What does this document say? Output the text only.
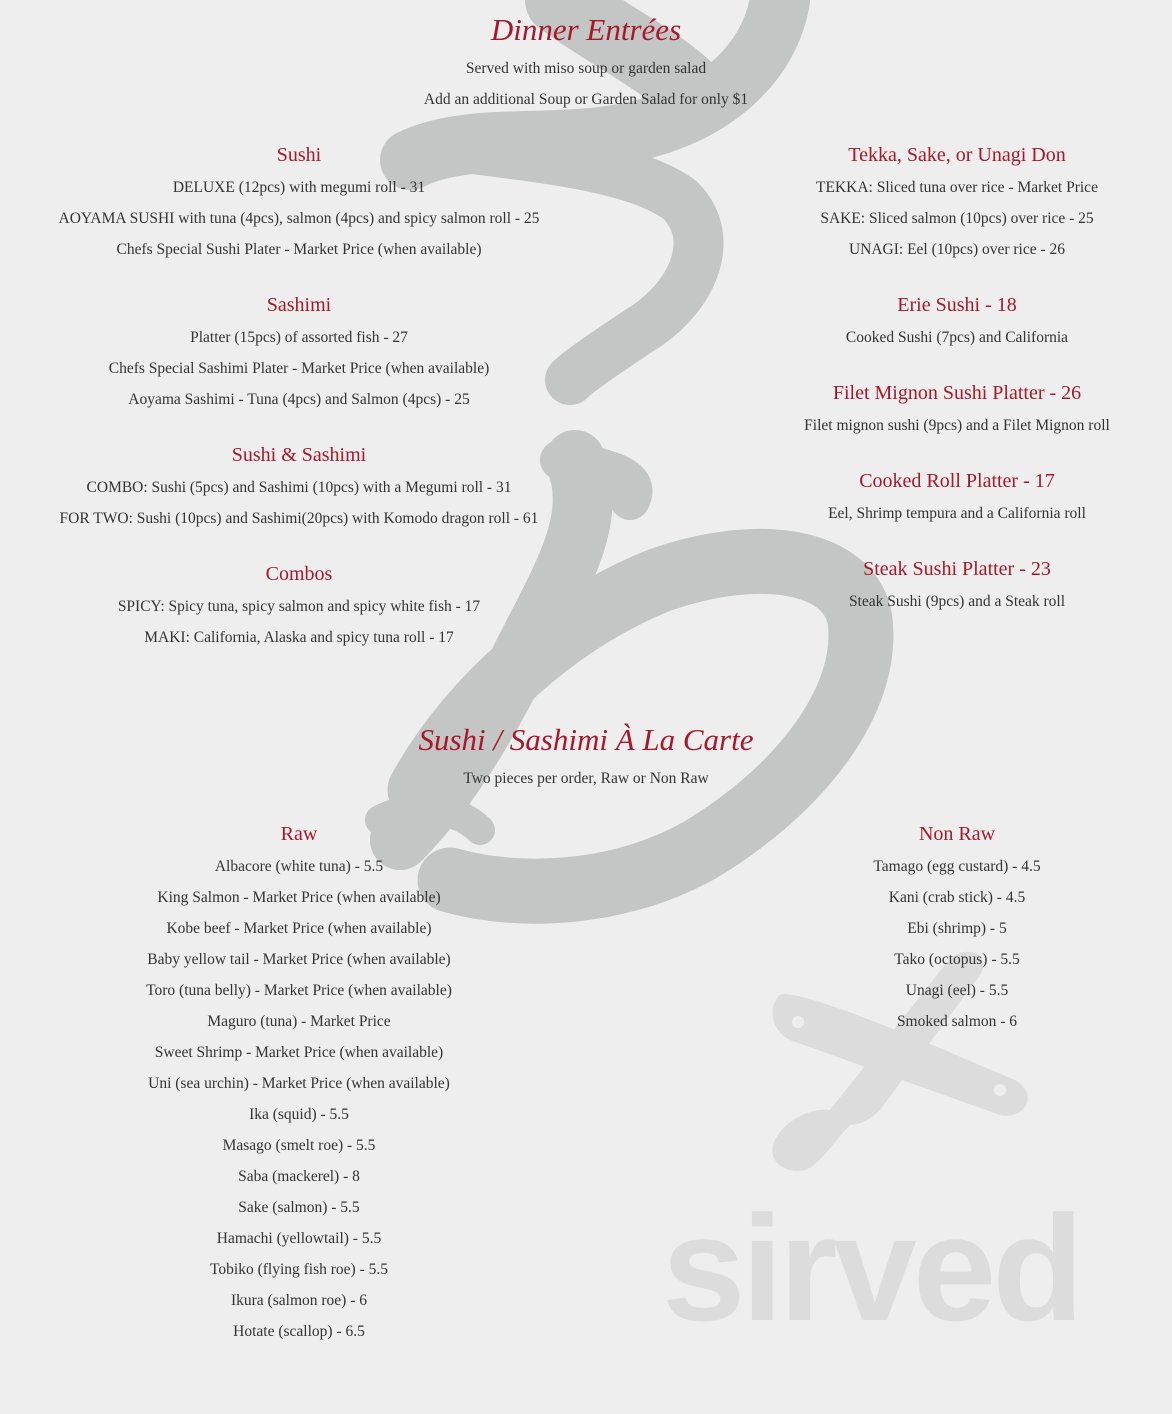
sirved
Dinner Entrées

Served with miso soup or garden salad

Add an additional Soup or Garden Salad for only $1

Sushi
DELUXE (12pcs) with megumi roll - 31
AOYAMA SUSHI with tuna (4pcs), salmon (4pcs) and spicy salmon roll - 25
Chefs Special Sushi Plater - Market Price (when available)
Sashimi
Platter (15pcs) of assorted fish - 27
Chefs Special Sashimi Plater - Market Price (when available)
Aoyama Sashimi - Tuna (4pcs) and Salmon (4pcs) - 25
Sushi & Sashimi
COMBO: Sushi (5pcs) and Sashimi (10pcs) with a Megumi roll - 31
FOR TWO: Sushi (10pcs) and Sashimi(20pcs) with Komodo dragon roll - 61
Combos
SPICY: Spicy tuna, spicy salmon and spicy white fish - 17
MAKI: California, Alaska and spicy tuna roll - 17
Tekka, Sake, or Unagi Don
TEKKA: Sliced tuna over rice - Market Price
SAKE: Sliced salmon (10pcs) over rice - 25
UNAGI: Eel (10pcs) over rice - 26
Erie Sushi - 18
Cooked Sushi (7pcs) and California
Filet Mignon Sushi Platter - 26
Filet mignon sushi (9pcs) and a Filet Mignon roll
Cooked Roll Platter - 17
Eel, Shrimp tempura and a California roll
Steak Sushi Platter - 23
Steak Sushi (9pcs) and a Steak roll
Sushi / Sashimi À La Carte

Two pieces per order, Raw or Non Raw

Raw
Albacore (white tuna) - 5.5
King Salmon - Market Price (when available)
Kobe beef - Market Price (when available)
Baby yellow tail - Market Price (when available)
Toro (tuna belly) - Market Price (when available)
Maguro (tuna) - Market Price
Sweet Shrimp - Market Price (when available)
Uni (sea urchin) - Market Price (when available)
Ika (squid) - 5.5
Masago (smelt roe) - 5.5
Saba (mackerel) - 8
Sake (salmon) - 5.5
Hamachi (yellowtail) - 5.5
Tobiko (flying fish roe) - 5.5
Ikura (salmon roe) - 6
Hotate (scallop) - 6.5
Non Raw
Tamago (egg custard) - 4.5
Kani (crab stick) - 4.5
Ebi (shrimp) - 5
Tako (octopus) - 5.5
Unagi (eel) - 5.5
Smoked salmon - 6
